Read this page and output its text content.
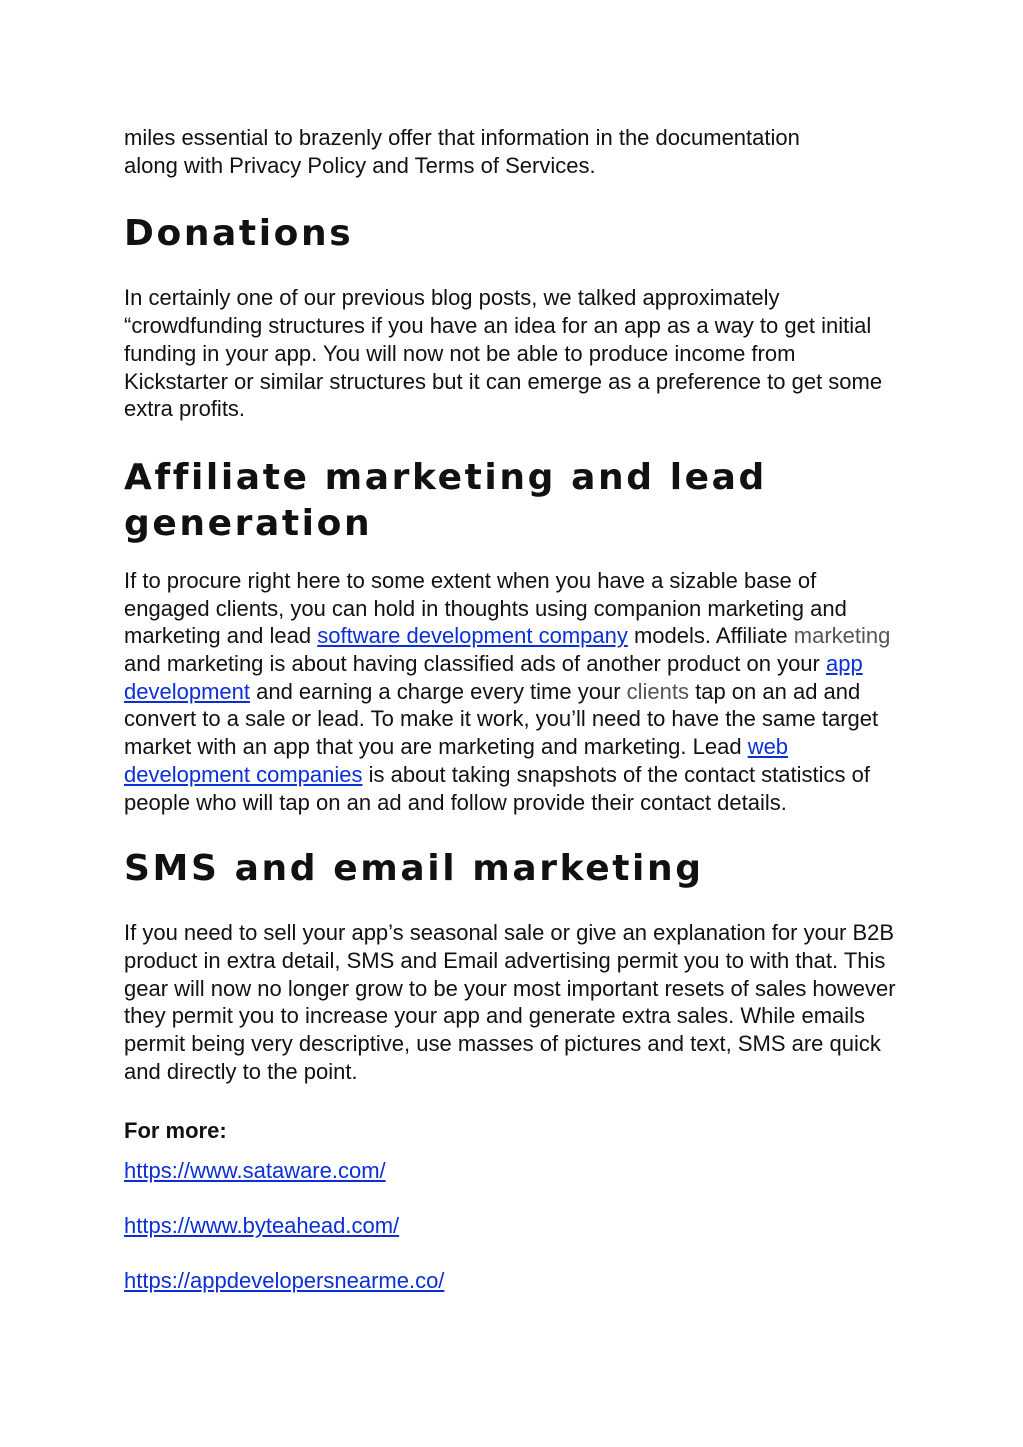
miles essential to brazenly offer that information in the documentation
along with Privacy Policy and Terms of Services.

Donations

In certainly one of our previous blog posts, we talked approximately “crowdfunding structures if you have an idea for an app as a way to get initial funding in your app. You will now not be able to produce income from Kickstarter or similar structures but it can emerge as a preference to get some extra profits.

Affiliate marketing and lead
generation

If to procure right here to some extent when you have a sizable base of engaged clients, you can hold in thoughts using companion marketing and marketing and lead software development company models. Affiliate marketing and marketing is about having classified ads of another product on your app development and earning a charge every time your clients tap on an ad and convert to a sale or lead. To make it work, you’ll need to have the same target market with an app that you are marketing and marketing. Lead web development companies is about taking snapshots of the contact statistics of people who will tap on an ad and follow provide their contact details.

SMS and email marketing

If you need to sell your app’s seasonal sale or give an explanation for your B2B product in extra detail, SMS and Email advertising permit you to with that. This gear will now no longer grow to be your most important resets of sales however they permit you to increase your app and generate extra sales. While emails permit being very descriptive, use masses of pictures and text, SMS are quick and directly to the point.

For more:
https://www.sataware.com/
https://www.byteahead.com/
https://appdevelopersnearme.co/
